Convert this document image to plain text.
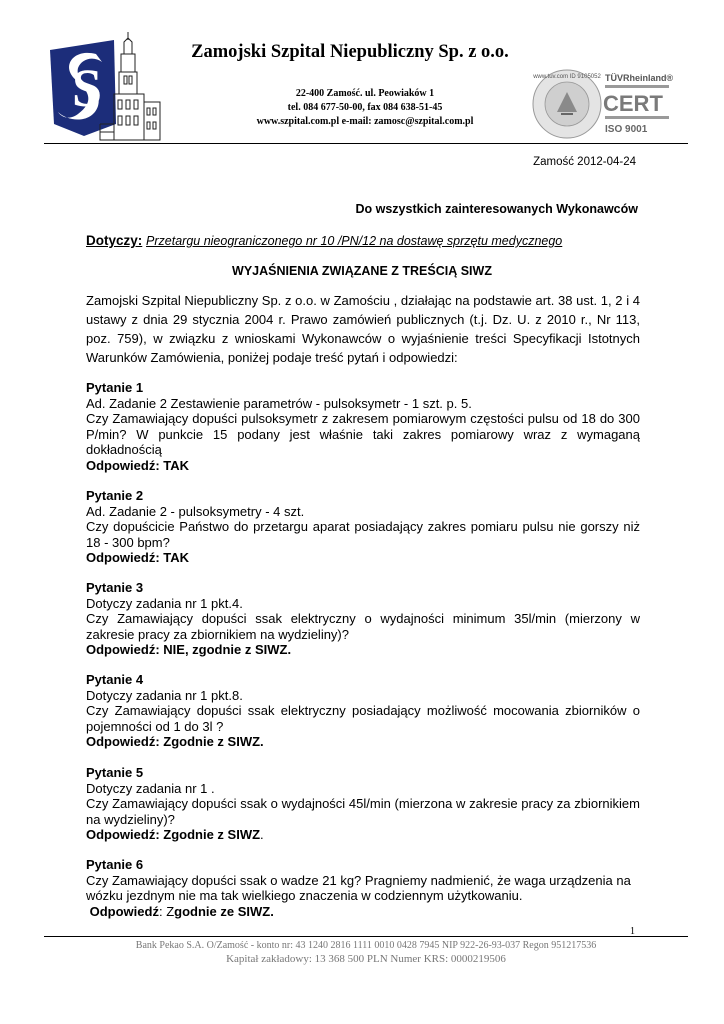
S
Zamojski Szpital Niepubliczny Sp. z o.o.
22-400 Zamość. ul. Peowiaków 1
tel. 084 677-50-00, fax 084 638-51-45
www.szpital.com.pl e-mail: zamosc@szpital.com.pl
www.tuv.com ID 9105052 TÜVRheinland®
CERT
ISO 9001
Zamość 2012-04-24
Do wszystkich zainteresowanych Wykonawców
Dotyczy: Przetargu nieograniczonego nr 10 /PN/12 na dostawę sprzętu medycznego
WYJAŚNIENIA ZWIĄZANE Z TREŚCIĄ SIWZ
Zamojski Szpital Niepubliczny Sp. z o.o. w Zamościu , działając na podstawie art. 38 ust. 1, 2 i 4 ustawy z dnia 29 stycznia 2004 r. Prawo zamówień publicznych (t.j. Dz. U. z 2010 r., Nr 113, poz. 759), w związku z wnioskami Wykonawców o wyjaśnienie treści Specyfikacji Istotnych Warunków Zamówienia, poniżej podaje treść pytań i odpowiedzi:
Pytanie 1
Ad. Zadanie 2 Zestawienie parametrów - pulsoksymetr - 1 szt. p. 5.
Czy Zamawiający dopuści pulsoksymetr z zakresem pomiarowym częstości pulsu od 18 do 300 P/min? W punkcie 15 podany jest właśnie taki zakres pomiarowy wraz z wymaganą dokładnością
Odpowiedź: TAK
Pytanie 2
Ad. Zadanie 2 - pulsoksymetry - 4 szt.
Czy dopuścicie Państwo do przetargu aparat posiadający zakres pomiaru pulsu nie gorszy niż 18 - 300 bpm?
Odpowiedź: TAK
Pytanie 3
Dotyczy zadania nr 1 pkt.4.
Czy Zamawiający dopuści ssak elektryczny o wydajności minimum 35l/min (mierzony w zakresie pracy za zbiornikiem na wydzieliny)?
Odpowiedź: NIE, zgodnie z SIWZ.
Pytanie 4
Dotyczy zadania nr 1 pkt.8.
Czy Zamawiający dopuści ssak elektryczny posiadający możliwość mocowania zbiorników o pojemności od 1 do 3l ?
Odpowiedź: Zgodnie z SIWZ.
Pytanie 5
Dotyczy zadania nr 1 .
Czy Zamawiający dopuści ssak o wydajności 45l/min (mierzona w zakresie pracy za zbiornikiem na wydzieliny)?
Odpowiedź: Zgodnie z SIWZ.
Pytanie 6
Czy Zamawiający dopuści ssak o wadze 21 kg? Pragniemy nadmienić, że waga urządzenia na wózku jezdnym nie ma tak wielkiego znaczenia w codziennym użytkowaniu.
Odpowiedź: Zgodnie ze SIWZ.
1
Bank Pekao S.A. O/Zamość - konto nr: 43 1240 2816 1111 0010 0428 7945 NIP 922-26-93-037 Regon 951217536
Kapitał zakładowy: 13 368 500 PLN Numer KRS: 0000219506
